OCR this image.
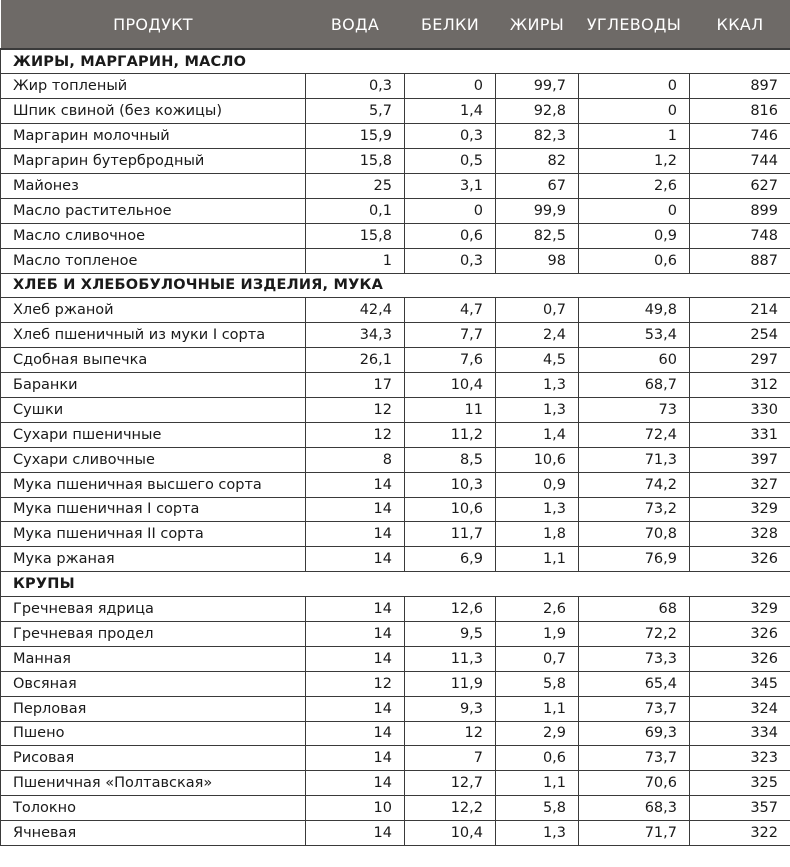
ПРОДУКТ	ВОДА	БЕЛКИ	ЖИРЫ	УГЛЕВОДЫ	ККАЛ
ЖИРЫ, МАРГАРИН, МАСЛО					
Жир топленый	0,3	0	99,7	0	897
Шпик свиной (без кожицы)	5,7	1,4	92,8	0	816
Маргарин молочный	15,9	0,3	82,3	1	746
Маргарин бутербродный	15,8	0,5	82	1,2	744
Майонез	25	3,1	67	2,6	627
Масло растительное	0,1	0	99,9	0	899
Масло сливочное	15,8	0,6	82,5	0,9	748
Масло топленое	1	0,3	98	0,6	887
ХЛЕБ И ХЛЕБОБУЛОЧНЫЕ ИЗДЕЛИЯ, МУКА					
Хлеб ржаной	42,4	4,7	0,7	49,8	214
Хлеб пшеничный из муки I сорта	34,3	7,7	2,4	53,4	254
Сдобная выпечка	26,1	7,6	4,5	60	297
Баранки	17	10,4	1,3	68,7	312
Сушки	12	11	1,3	73	330
Сухари пшеничные	12	11,2	1,4	72,4	331
Сухари сливочные	8	8,5	10,6	71,3	397
Мука пшеничная высшего сорта	14	10,3	0,9	74,2	327
Мука пшеничная I сорта	14	10,6	1,3	73,2	329
Мука пшеничная II сорта	14	11,7	1,8	70,8	328
Мука ржаная	14	6,9	1,1	76,9	326
КРУПЫ					
Гречневая ядрица	14	12,6	2,6	68	329
Гречневая продел	14	9,5	1,9	72,2	326
Манная	14	11,3	0,7	73,3	326
Овсяная	12	11,9	5,8	65,4	345
Перловая	14	9,3	1,1	73,7	324
Пшено	14	12	2,9	69,3	334
Рисовая	14	7	0,6	73,7	323
Пшеничная «Полтавская»	14	12,7	1,1	70,6	325
Толокно	10	12,2	5,8	68,3	357
Ячневая	14	10,4	1,3	71,7	322
